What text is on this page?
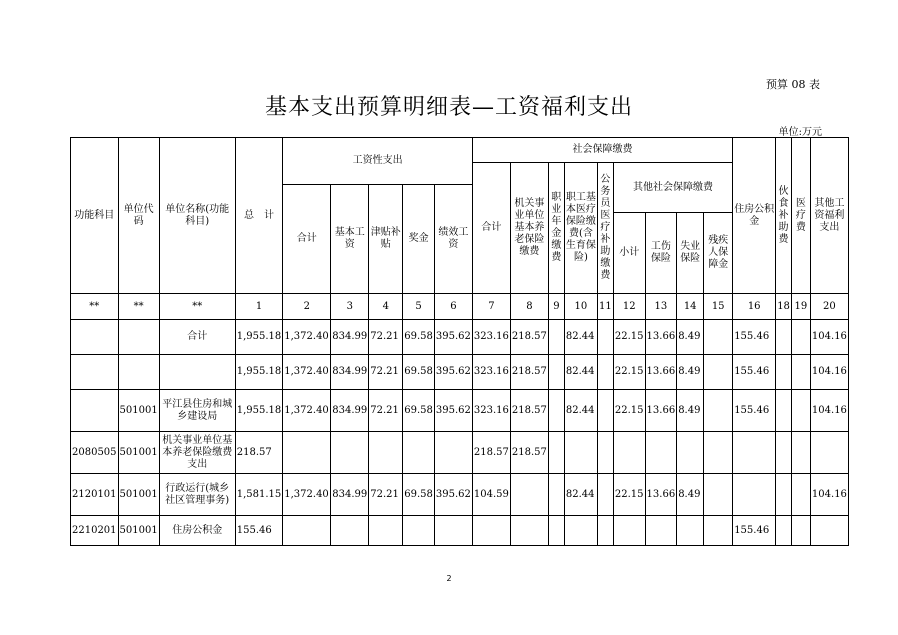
预算 08 表
基本支出预算明细表—工资福利支出
单位:万元
功能科目	单位代码	单位名称(功能科目)	总　计	工资性支出					社会保障缴费									住房公积金	伙食补助费	医疗费	其他工资福利支出
									合计	机关事业单位基本养老保险缴费	职业年金缴费	职工基本医疗保险缴费(含生育保险)	公务员医疗补助缴费	其他社会保障缴费							
				合计	基本工资	津贴补贴	奖金	绩效工资													
														小计	工伤保险	失业保险	残疾人保障金				
**	**	**	1	2	3	4	5	6	7	8	9	10	11	12	13	14	15	16	18	19	20
		合计	1,955.18	1,372.40	834.99	72.21	69.58	395.62	323.16	218.57		82.44		22.15	13.66	8.49		155.46			104.16
			1,955.18	1,372.40	834.99	72.21	69.58	395.62	323.16	218.57		82.44		22.15	13.66	8.49		155.46			104.16
	501001	平江县住房和城乡建设局	1,955.18	1,372.40	834.99	72.21	69.58	395.62	323.16	218.57		82.44		22.15	13.66	8.49		155.46			104.16
2080505	501001	机关事业单位基本养老保险缴费支出	218.57						218.57	218.57											
2120101	501001	行政运行(城乡社区管理事务)	1,581.15	1,372.40	834.99	72.21	69.58	395.62	104.59			82.44		22.15	13.66	8.49					104.16
2210201	501001	住房公积金	155.46															155.46			
2
